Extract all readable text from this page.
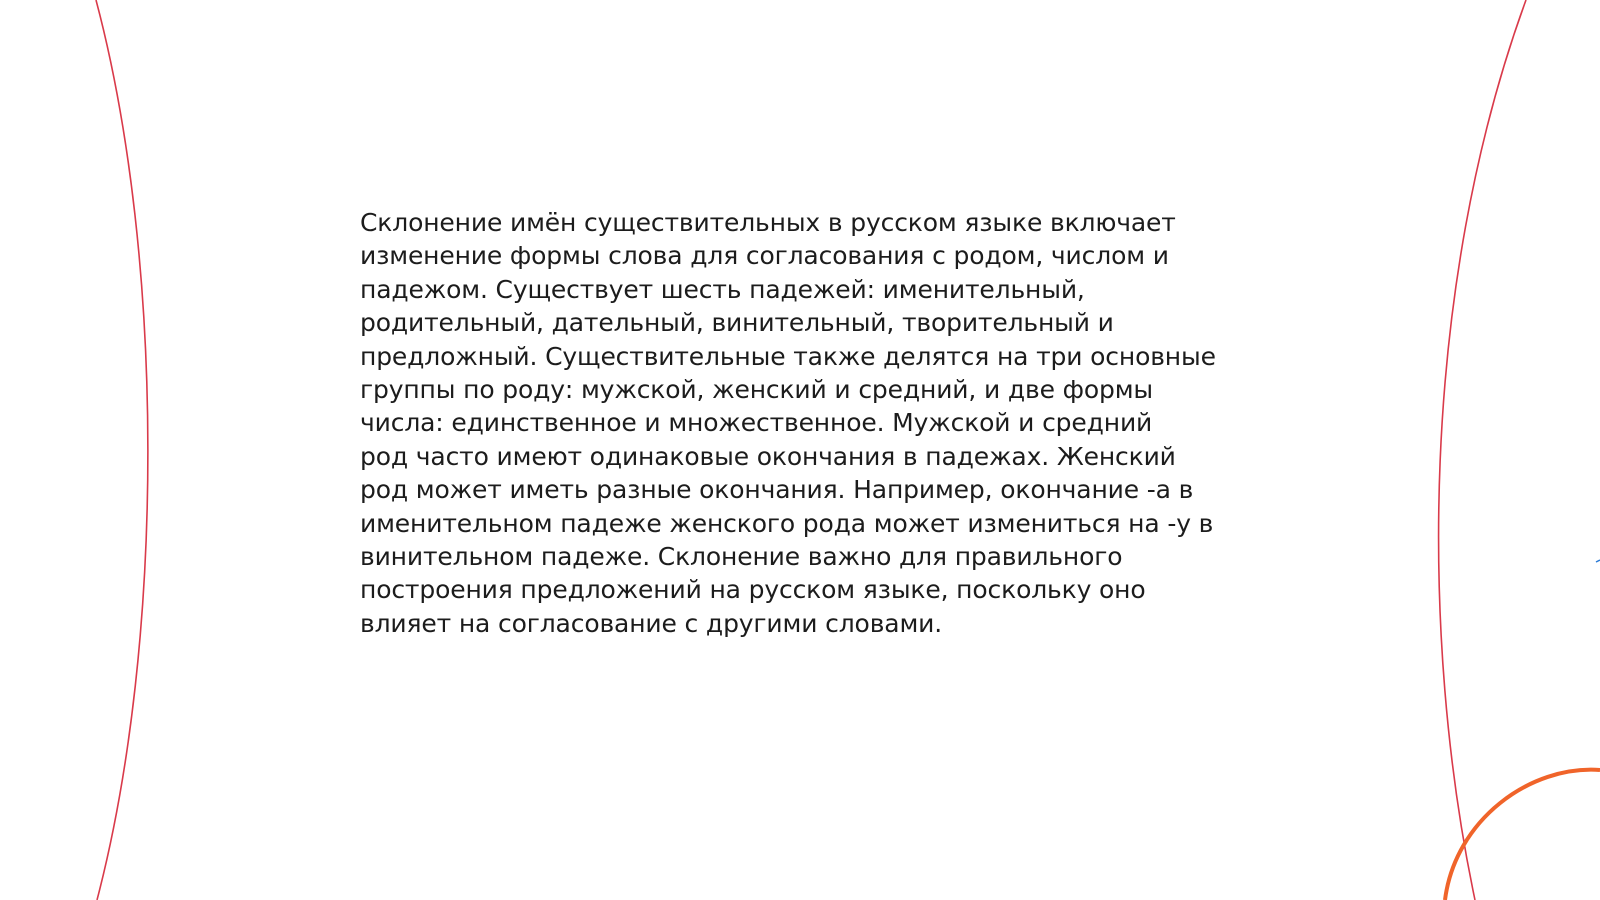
Склонение имён существительных в русском языке включает
изменение формы слова для согласования с родом, числом и
падежом. Существует шесть падежей: именительный,
родительный, дательный, винительный, творительный и
предложный. Существительные также делятся на три основные
группы по роду: мужской, женский и средний, и две формы
числа: единственное и множественное. Мужской и средний
род часто имеют одинаковые окончания в падежах. Женский
род может иметь разные окончания. Например, окончание -а в
именительном падеже женского рода может измениться на -у в
винительном падеже. Склонение важно для правильного
построения предложений на русском языке, поскольку оно
влияет на согласование с другими словами.
